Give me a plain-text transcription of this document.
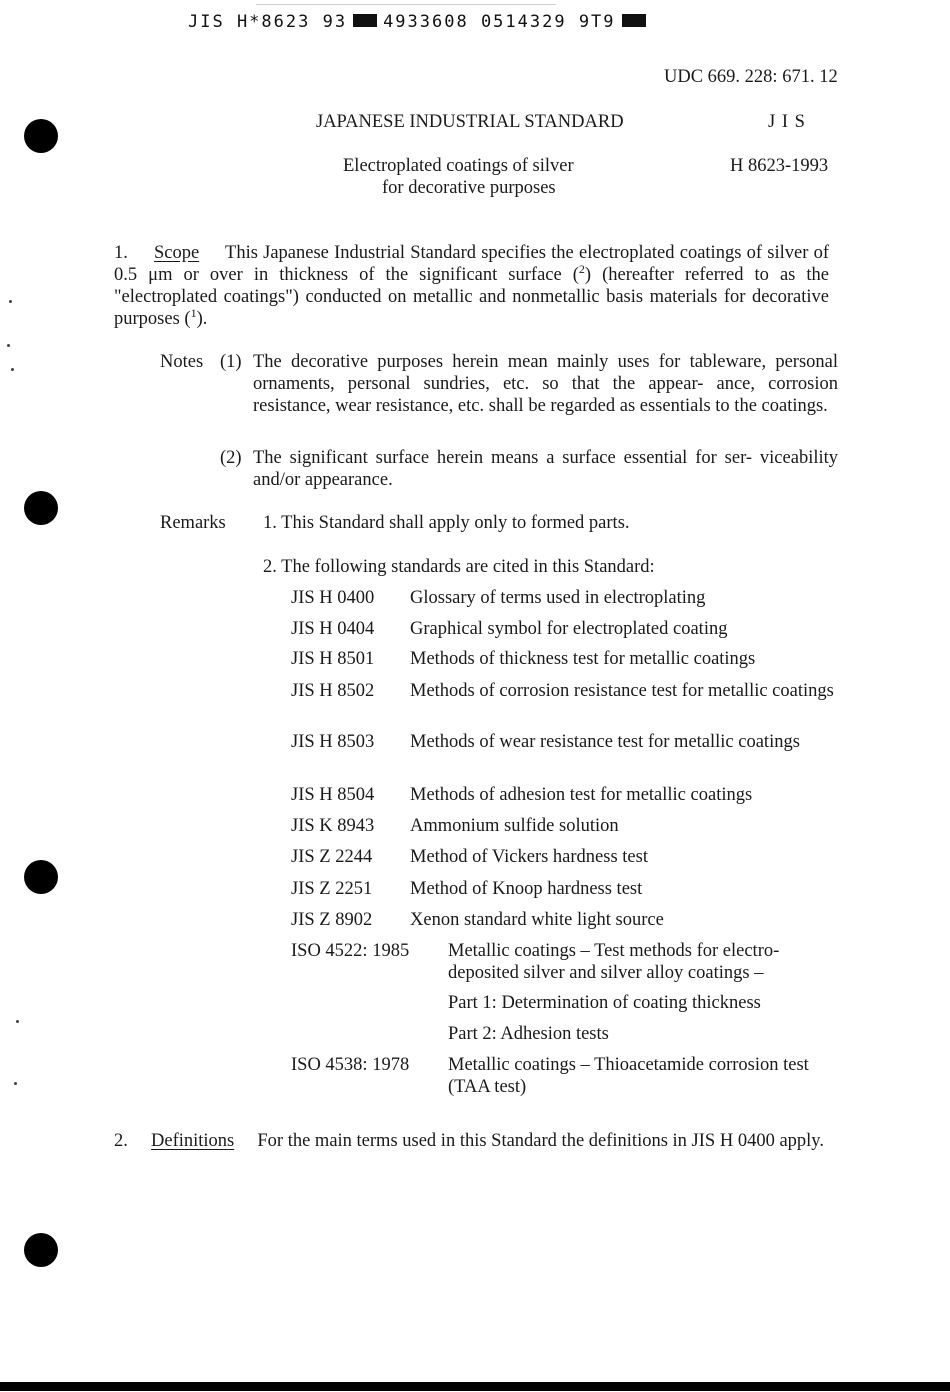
JIS H*8623 93 4933608 0514329 9T9
UDC 669. 228: 671. 12
JAPANESE INDUSTRIAL STANDARD	J I S
Electroplated coatings of silver
for decorative purposes
H 8623-1993
1. Scope This Japanese Industrial Standard specifies the electroplated coatings of silver of 0.5 μm or over in thickness of the significant surface ($^2$) (hereafter referred to as the "electroplated coatings") conducted on metallic and nonmetallic basis materials for decorative purposes ($^1$).
Notes (1) The decorative purposes herein mean mainly uses for tableware, personal ornaments, personal sundries, etc. so that the appear- ance, corrosion resistance, wear resistance, etc. shall be regarded as essentials to the coatings.
(2) The significant surface herein means a surface essential for ser- viceability and/or appearance.
Remarks 1. This Standard shall apply only to formed parts.
2. The following standards are cited in this Standard:
JIS H 0400 Glossary of terms used in electroplating
JIS H 0404 Graphical symbol for electroplated coating
JIS H 8501 Methods of thickness test for metallic coatings
JIS H 8502 Methods of corrosion resistance test for metallic coatings
JIS H 8503 Methods of wear resistance test for metallic coatings
JIS H 8504 Methods of adhesion test for metallic coatings
JIS K 8943 Ammonium sulfide solution
JIS Z 2244 Method of Vickers hardness test
JIS Z 2251 Method of Knoop hardness test
JIS Z 8902 Xenon standard white light source
ISO 4522: 1985 Metallic coatings – Test methods for electro- deposited silver and silver alloy coatings –
Part 1: Determination of coating thickness
Part 2: Adhesion tests
ISO 4538: 1978 Metallic coatings – Thioacetamide corrosion test (TAA test)
2. Definitions For the main terms used in this Standard the definitions in JIS H 0400 apply.
